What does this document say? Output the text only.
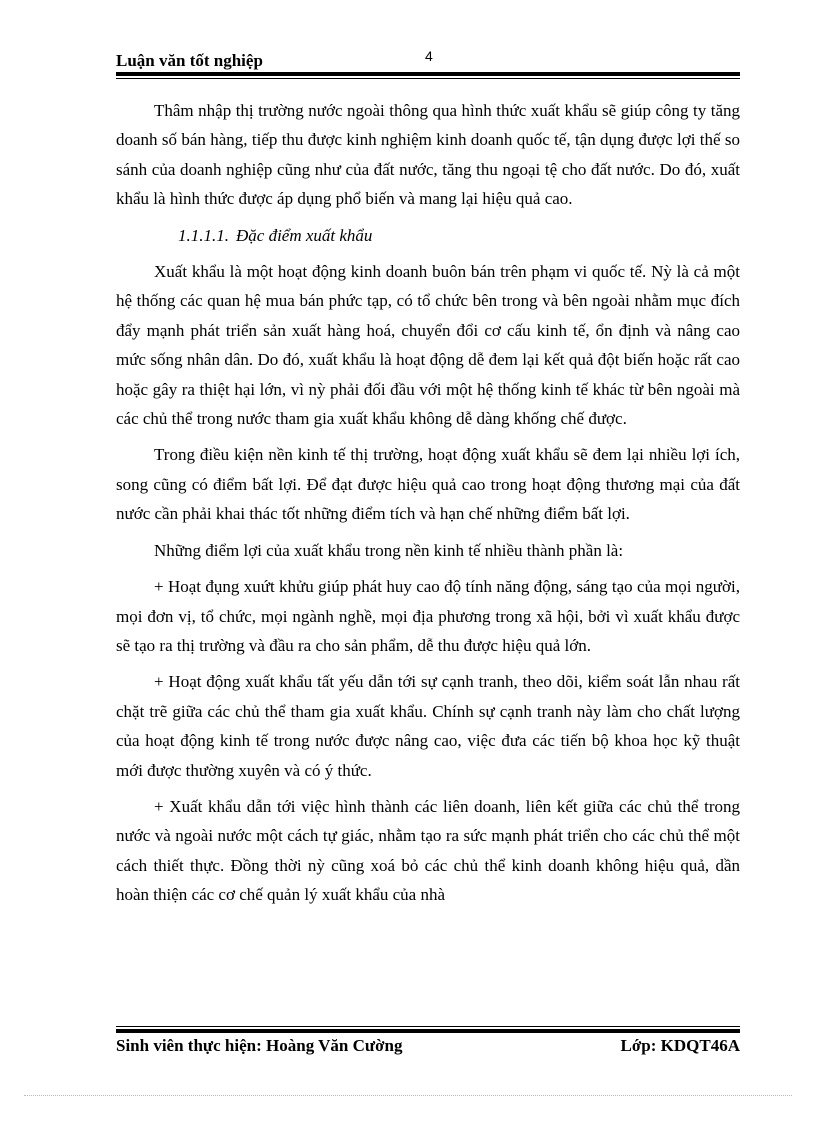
Luận văn tốt nghiệp	4

Thâm nhập thị trường nước ngoài thông qua hình thức xuất khẩu sẽ giúp công ty tăng doanh số bán hàng, tiếp thu được kinh nghiệm kinh doanh quốc tế, tận dụng được lợi thế so sánh của doanh nghiệp cũng như của đất nước, tăng thu ngoại tệ cho đất nước. Do đó, xuất khẩu là hình thức được áp dụng phổ biến và mang lại hiệu quả cao.

1.1.1.1. Đặc điểm xuất khẩu

Xuất khẩu là một hoạt động kinh doanh buôn bán trên phạm vi quốc tế. Nỳ là cả một hệ thống các quan hệ mua bán phức tạp, có tổ chức bên trong và bên ngoài nhằm mục đích đẩy mạnh phát triển sản xuất hàng hoá, chuyển đổi cơ cấu kinh tế, ổn định và nâng cao mức sống nhân dân. Do đó, xuất khẩu là hoạt động dễ đem lại kết quả đột biến hoặc rất cao hoặc gây ra thiệt hại lớn, vì nỳ phải đối đầu với một hệ thống kinh tế khác từ bên ngoài mà các chủ thể trong nước tham gia xuất khẩu không dễ dàng khống chế được.

Trong điều kiện nền kinh tế thị trường, hoạt động xuất khẩu sẽ đem lại nhiều lợi ích, song cũng có điểm bất lợi. Để đạt được hiệu quả cao trong hoạt động thương mại của đất nước cần phải khai thác tốt những điểm tích và hạn chế những điểm bất lợi.

Những điểm lợi của xuất khẩu trong nền kinh tế nhiều thành phần là:

+ Hoạt đụng xuứt khửu giúp phát huy cao độ tính năng động, sáng tạo của mọi người, mọi đơn vị, tổ chức, mọi ngành nghề, mọi địa phương trong xã hội, bởi vì xuất khẩu được sẽ tạo ra thị trường và đầu ra cho sản phẩm, dễ thu được hiệu quả lớn.

+ Hoạt động xuất khẩu tất yếu dẫn tới sự cạnh tranh, theo dõi, kiểm soát lẫn nhau rất chặt trẽ giữa các chủ thể tham gia xuất khẩu. Chính sự cạnh tranh này làm cho chất lượng của hoạt động kinh tế trong nước được nâng cao, việc đưa các tiến bộ khoa học kỹ thuật mới được thường xuyên và có ý thức.

+ Xuất khẩu dẫn tới việc hình thành các liên doanh, liên kết giữa các chủ thể trong nước và ngoài nước một cách tự giác, nhằm tạo ra sức mạnh phát triển cho các chủ thể một cách thiết thực. Đồng thời nỳ cũng xoá bỏ các chủ thể kinh doanh không hiệu quả, dần hoàn thiện các cơ chế quản lý xuất khẩu của nhà

Sinh viên thực hiện: Hoàng Văn Cường	Lớp: KDQT46A
